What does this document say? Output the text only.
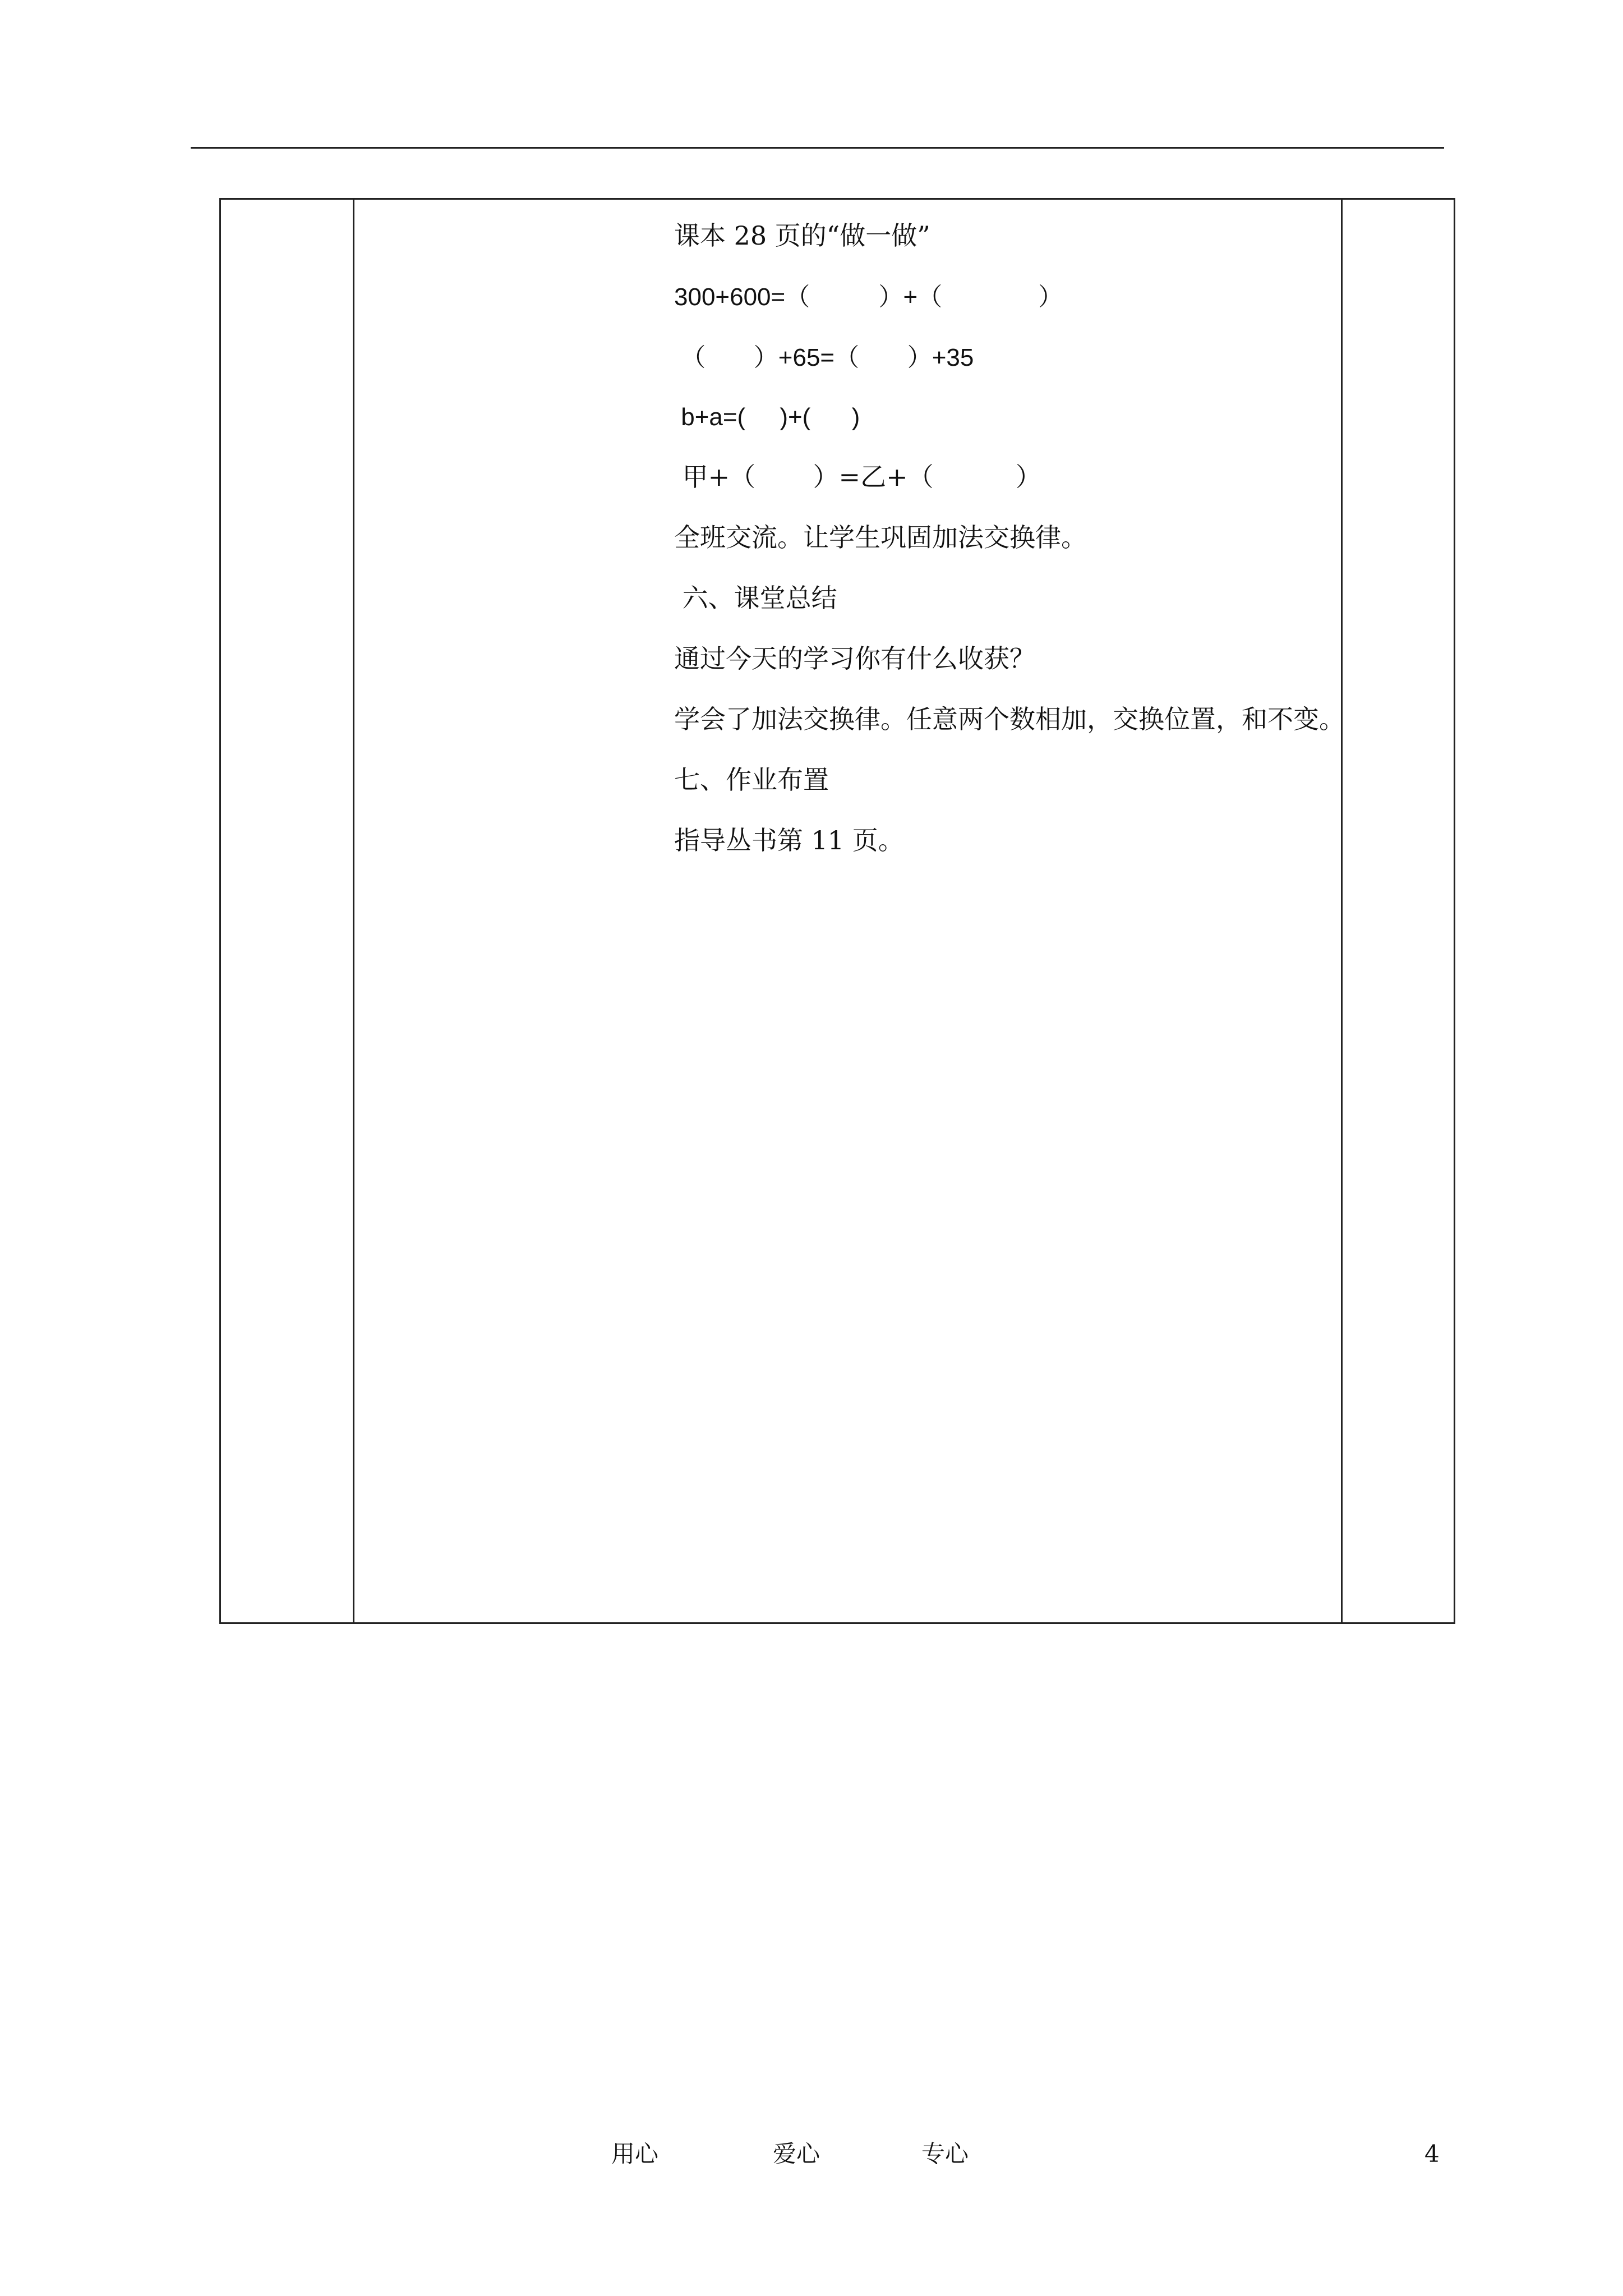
课本 28 页的“做一做”
300+600=（          ）+（              ）
（       ）+65=（       ）+35
b+a=(     )+(      )
甲+（       ）=乙+（          ）
全班交流。让学生巩固加法交换律。
六、课堂总结
通过今天的学习你有什么收获？
学会了加法交换律。任意两个数相加，交换位置，和不变。
七、作业布置
指导丛书第 11 页。
用心	爱心	专心	4
